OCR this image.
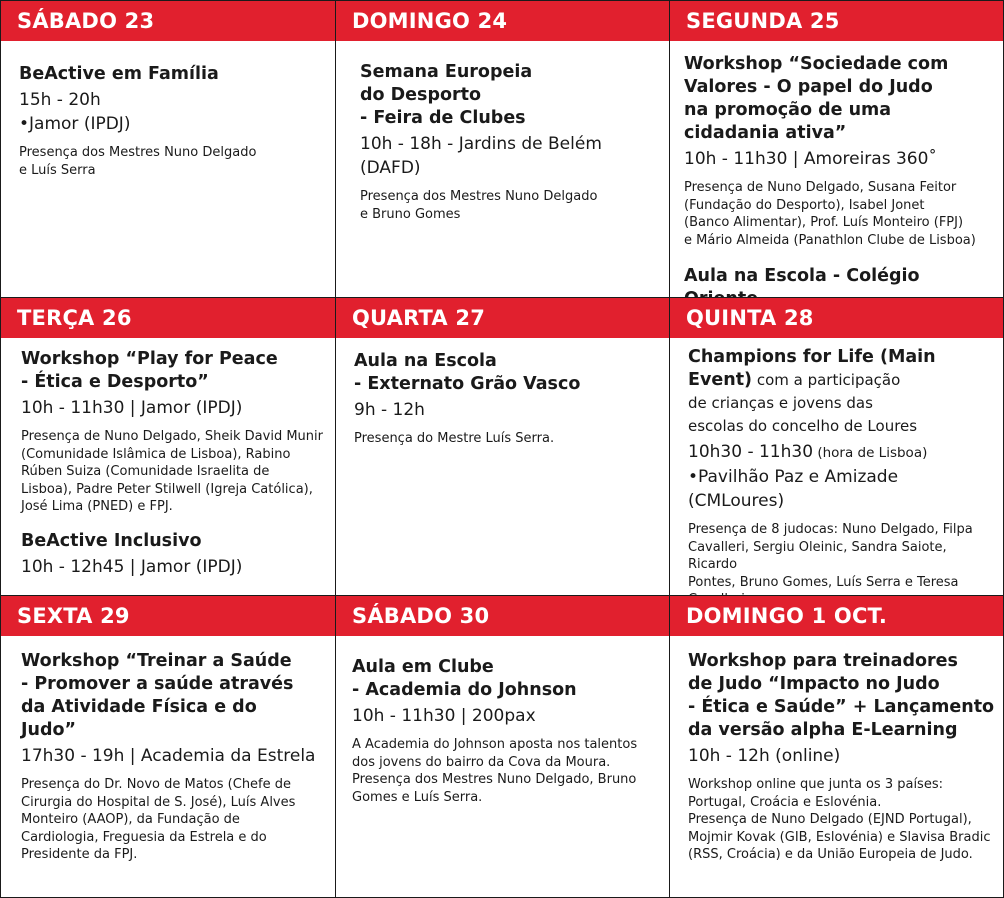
SÁBADO 23
BeActive em Família
15h - 20h
•Jamor (IPDJ)
Presença dos Mestres Nuno Delgado
e Luís Serra
DOMINGO 24
Semana Europeia
do Desporto
- Feira de Clubes
10h - 18h - Jardins de Belém
(DAFD)
Presença dos Mestres Nuno Delgado
e Bruno Gomes
SEGUNDA 25
Workshop “Sociedade com
Valores - O papel do Judo
na promoção de uma
cidadania ativa”
10h - 11h30 | Amoreiras 360˚
Presença de Nuno Delgado, Susana Feitor
(Fundação do Desporto), Isabel Jonet
(Banco Alimentar), Prof. Luís Monteiro (FPJ)
e Mário Almeida (Panathlon Clube de Lisboa)
Aula na Escola - Colégio
TERÇA 26
Workshop “Play for Peace
- Ética e Desporto”
10h - 11h30 | Jamor (IPDJ)
Presença de Nuno Delgado, Sheik David Munir
(Comunidade Islâmica de Lisboa), Rabino
Rúben Suiza (Comunidade Israelita de
Lisboa), Padre Peter Stilwell (Igreja Católica),
José Lima (PNED) e FPJ.
BeActive Inclusivo
10h - 12h45 | Jamor (IPDJ)
QUARTA 27
Aula na Escola
- Externato Grão Vasco
9h - 12h
Presença do Mestre Luís Serra.
QUINTA 28
Champions for Life (Main
Event) com a participação
de crianças e jovens das
escolas do concelho de Loures
10h30 - 11h30 (hora de Lisboa)
•Pavilhão Paz e Amizade
(CMLoures)
Presença de 8 judocas: Nuno Delgado, Filpa
Cavalleri, Sergiu Oleinic, Sandra Saiote, Ricardo
Pontes, Bruno Gomes, Luís Serra e Teresa

SEXTA 29
Workshop “Treinar a Saúde
- Promover a saúde através
da Atividade Física e do
Judo”
17h30 - 19h | Academia da Estrela
Presença do Dr. Novo de Matos (Chefe de
Cirurgia do Hospital de S. José), Luís Alves
Monteiro (AAOP), da Fundação de
Cardiologia, Freguesia da Estrela e do
Presidente da FPJ.
SÁBADO 30
Aula em Clube
- Academia do Johnson
10h - 11h30 | 200pax
A Academia do Johnson aposta nos talentos
dos jovens do bairro da Cova da Moura.
Presença dos Mestres Nuno Delgado, Bruno
Gomes e Luís Serra.
DOMINGO 1 OCT.
Workshop para treinadores
de Judo “Impacto no Judo
- Ética e Saúde” + Lançamento
da versão alpha E-Learning
10h - 12h (online)
Workshop online que junta os 3 países:
Portugal, Croácia e Eslovénia.
Presença de Nuno Delgado (EJND Portugal),
Mojmir Kovak (GIB, Eslovénia) e Slavisa Bradic
(RSS, Croácia) e da União Europeia de Judo.
